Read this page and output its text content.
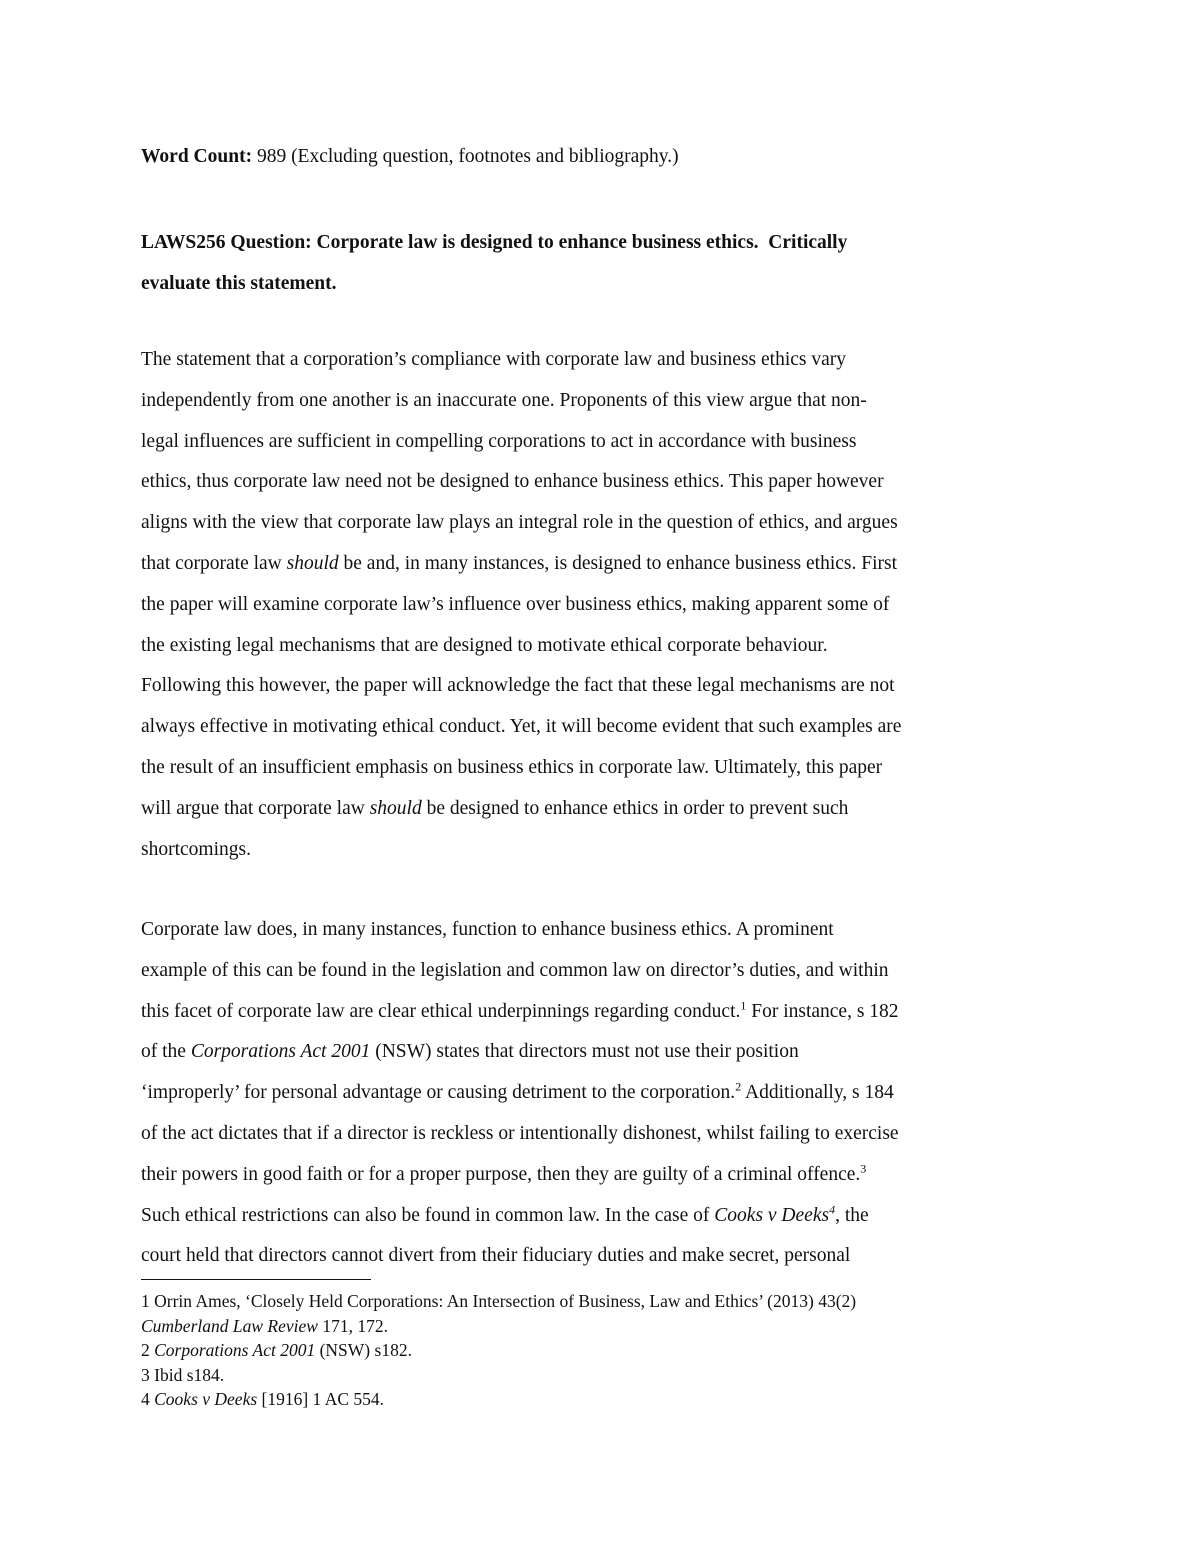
Word Count: 989 (Excluding question, footnotes and bibliography.)
LAWS256 Question: Corporate law is designed to enhance business ethics.  Critically
evaluate this statement.
The statement that a corporation’s compliance with corporate law and business ethics vary
independently from one another is an inaccurate one. Proponents of this view argue that non-
legal influences are sufficient in compelling corporations to act in accordance with business
ethics, thus corporate law need not be designed to enhance business ethics. This paper however
aligns with the view that corporate law plays an integral role in the question of ethics, and argues
that corporate law should be and, in many instances, is designed to enhance business ethics. First
the paper will examine corporate law’s influence over business ethics, making apparent some of
the existing legal mechanisms that are designed to motivate ethical corporate behaviour.
Following this however, the paper will acknowledge the fact that these legal mechanisms are not
always effective in motivating ethical conduct. Yet, it will become evident that such examples are
the result of an insufficient emphasis on business ethics in corporate law. Ultimately, this paper
will argue that corporate law should be designed to enhance ethics in order to prevent such
shortcomings.
Corporate law does, in many instances, function to enhance business ethics. A prominent
example of this can be found in the legislation and common law on director’s duties, and within
this facet of corporate law are clear ethical underpinnings regarding conduct.$^1$ For instance, s 182
of the Corporations Act 2001 (NSW) states that directors must not use their position
‘improperly’ for personal advantage or causing detriment to the corporation.$^2$ Additionally, s 184
of the act dictates that if a director is reckless or intentionally dishonest, whilst failing to exercise
their powers in good faith or for a proper purpose, then they are guilty of a criminal offence.$^3$
Such ethical restrictions can also be found in common law. In the case of Cooks v Deeks$^4$, the
court held that directors cannot divert from their fiduciary duties and make secret, personal
1 Orrin Ames, ‘Closely Held Corporations: An Intersection of Business, Law and Ethics’ (2013) 43(2)
Cumberland Law Review 171, 172.
2 Corporations Act 2001 (NSW) s182.
3 Ibid s184.
4 Cooks v Deeks [1916] 1 AC 554.
